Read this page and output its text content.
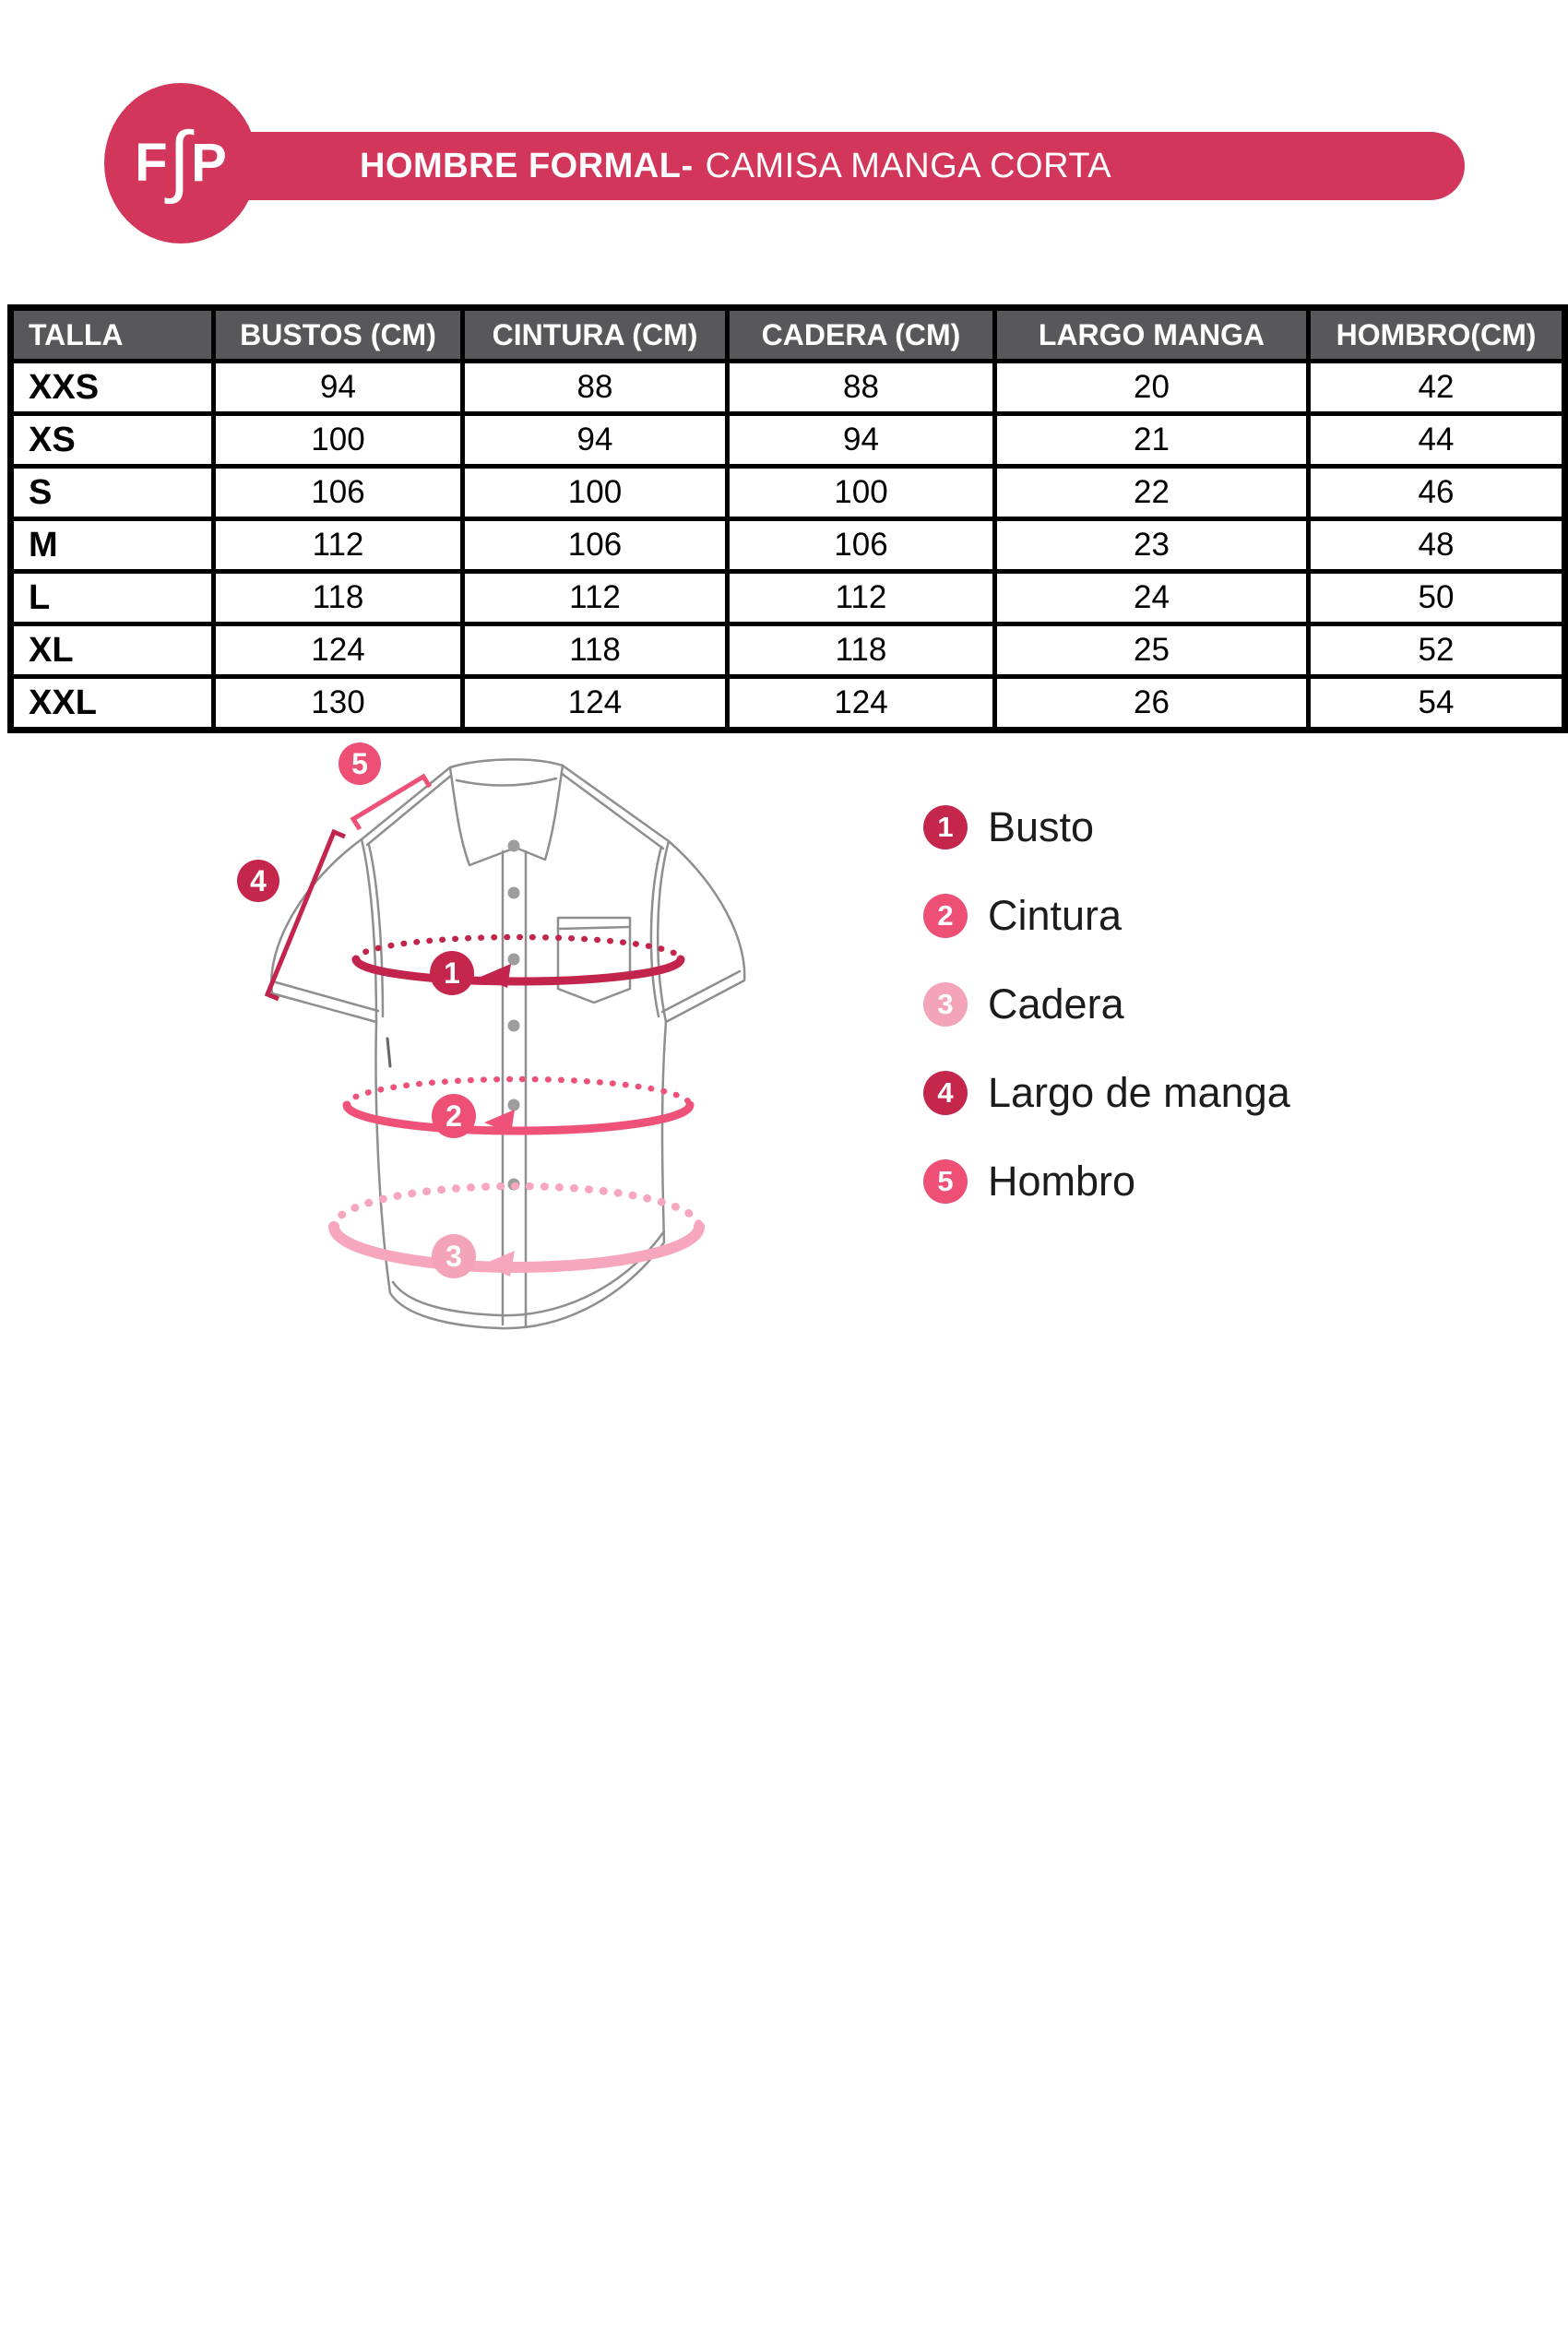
F ∫ P	HOMBRE FORMAL- CAMISA MANGA CORTA
TALLA	BUSTOS (CM)	CINTURA (CM)	CADERA (CM)	LARGO MANGA	HOMBRO(CM)
XXS	94	88	88	20	42
XS	100	94	94	21	44
S	106	100	100	22	46
M	112	106	106	23	48
L	118	112	112	24	50
XL	124	118	118	25	52
XXL	130	124	124	26	54
1
2
3
4
5
1 Busto
2 Cintura
3 Cadera
4 Largo de manga
5 Hombro
